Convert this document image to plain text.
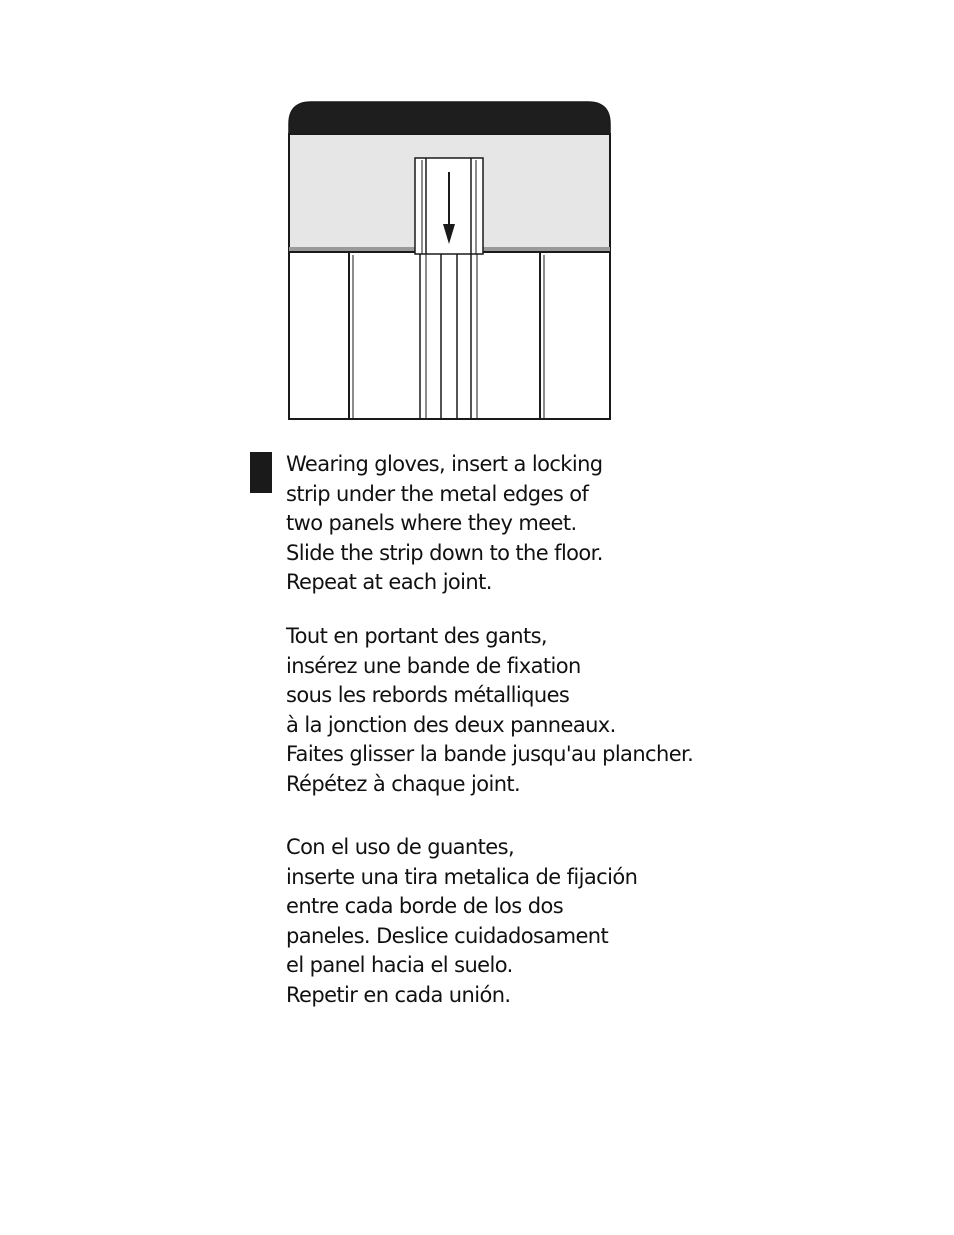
Wearing gloves, insert a locking
strip under the metal edges of
two panels where they meet.
Slide the strip down to the floor.
Repeat at each joint.
Tout en portant des gants,
insérez une bande de fixation
sous les rebords métalliques
à la jonction des deux panneaux.
Faites glisser la bande jusqu'au plancher.
Répétez à chaque joint.
Con el uso de guantes,
inserte una tira metalica de fijación
entre cada borde de los dos
paneles. Deslice cuidadosament
el panel hacia el suelo.
Repetir en cada unión.
